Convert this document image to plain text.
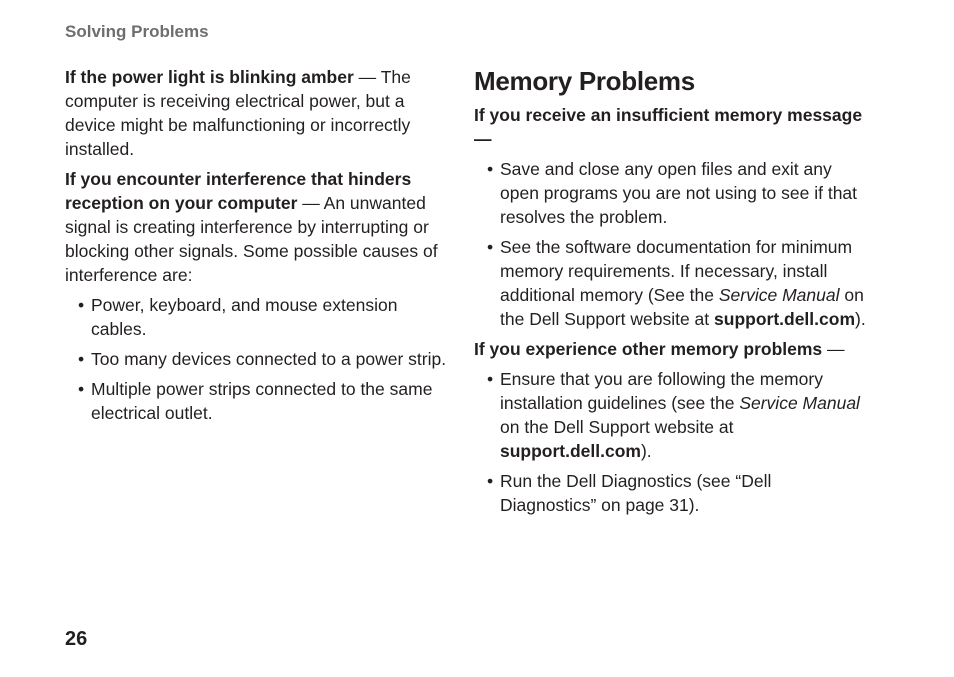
Solving Problems

If the power light is blinking amber — The computer is receiving electrical power, but a device might be malfunctioning or incorrectly installed.

If you encounter interference that hinders reception on your computer — An unwanted signal is creating interference by interrupting or blocking other signals. Some possible causes of interference are:

• Power, keyboard, and mouse extension cables.
• Too many devices connected to a power strip.
• Multiple power strips connected to the same electrical outlet.
Memory Problems

If you receive an insufficient memory message—

• Save and close any open files and exit any open programs you are not using to see if that resolves the problem.
• See the software documentation for minimum memory requirements. If necessary, install additional memory (See the Service Manual on the Dell Support website at support.dell.com).

If you experience other memory problems —

• Ensure that you are following the memory installation guidelines (see the Service Manual on the Dell Support website at support.dell.com).
• Run the Dell Diagnostics (see “Dell Diagnostics” on page 31).
26
